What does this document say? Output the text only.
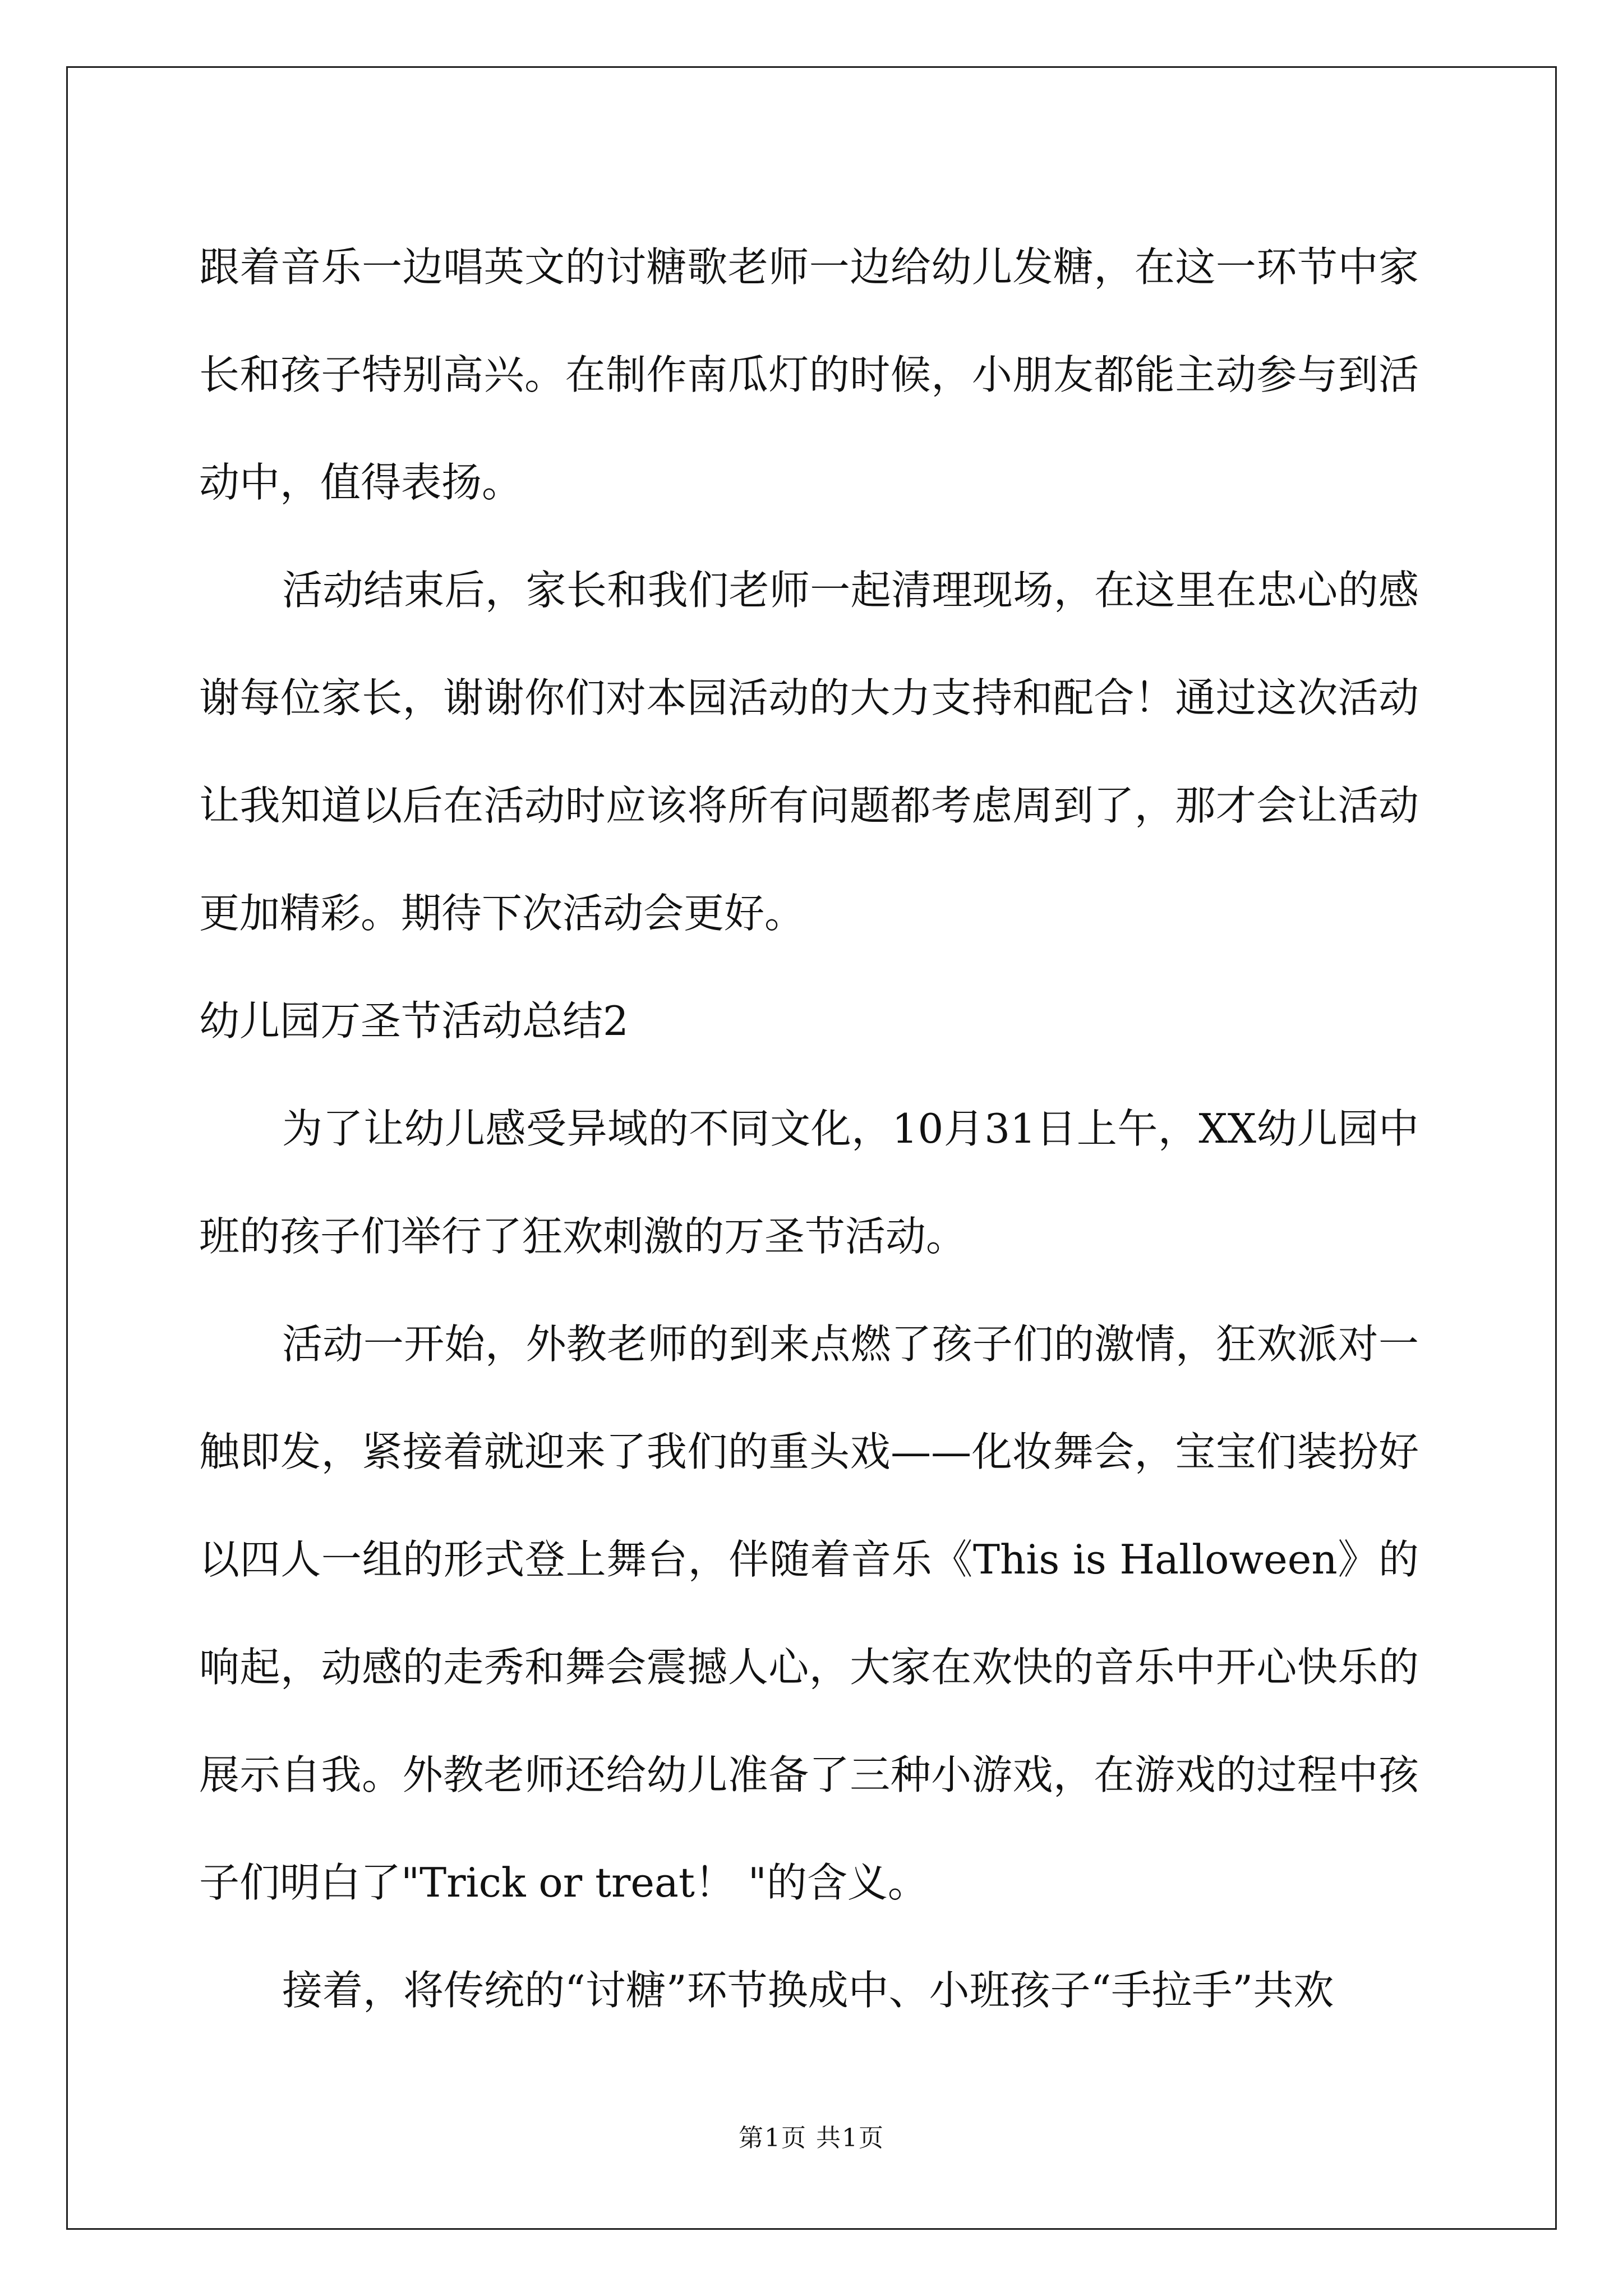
跟着音乐一边唱英文的讨糖歌老师一边给幼儿发糖，在这一环节中家长和孩子特别高兴。在制作南瓜灯的时候，小朋友都能主动参与到活动中，值得表扬。

活动结束后，家长和我们老师一起清理现场，在这里在忠心的感谢每位家长，谢谢你们对本园活动的大力支持和配合！通过这次活动让我知道以后在活动时应该将所有问题都考虑周到了，那才会让活动更加精彩。期待下次活动会更好。

幼儿园万圣节活动总结2

为了让幼儿感受异域的不同文化，10月31日上午，XX幼儿园中班的孩子们举行了狂欢刺激的万圣节活动。

活动一开始，外教老师的到来点燃了孩子们的激情，狂欢派对一触即发，紧接着就迎来了我们的重头戏——化妆舞会，宝宝们装扮好以四人一组的形式登上舞台，伴随着音乐《This is Halloween》的响起，动感的走秀和舞会震撼人心，大家在欢快的音乐中开心快乐的展示自我。外教老师还给幼儿准备了三种小游戏，在游戏的过程中孩子们明白了"Trick or treat！ "的含义。

接着，将传统的“讨糖”环节换成中、小班孩子“手拉手”共欢

第1页 共1页
